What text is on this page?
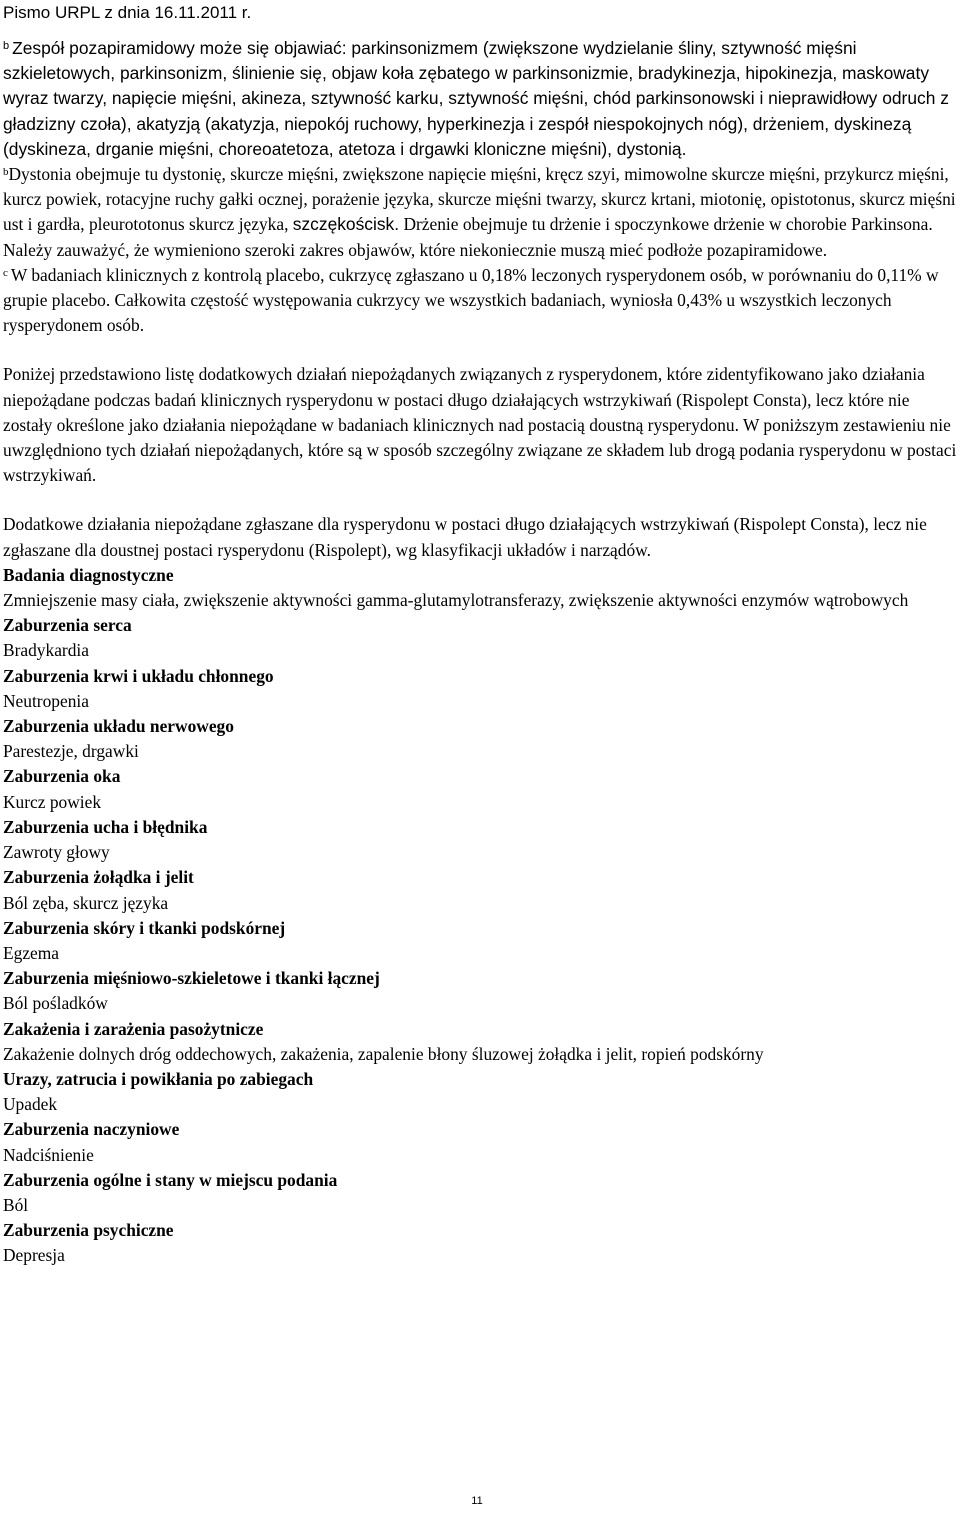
Pismo URPL z dnia 16.11.2011 r.

$^b$ Zespół pozapiramidowy może się objawiać: parkinsonizmem (zwiększone wydzielanie śliny, sztywność mięśni szkieletowych, parkinsonizm, ślinienie się, objaw koła zębatego w parkinsonizmie, bradykinezja, hipokinezja, maskowaty wyraz twarzy, napięcie mięśni, akineza, sztywność karku, sztywność mięśni, chód parkinsonowski i nieprawidłowy odruch z gładzizny czoła), akatyzją (akatyzja, niepokój ruchowy, hyperkinezja i zespół niespokojnych nóg), drżeniem, dyskinezą (dyskineza, drganie mięśni, choreoatetoza, atetoza i drgawki kloniczne mięśni), dystonią.

$^b$Dystonia obejmuje tu dystonię, skurcze mięśni, zwiększone napięcie mięśni, kręcz szyi, mimowolne skurcze mięśni, przykurcz mięśni, kurcz powiek, rotacyjne ruchy gałki ocznej, porażenie języka, skurcze mięśni twarzy, skurcz krtani, miotonię, opistotonus, skurcz mięśni ust i gardła, pleurototonus skurcz języka, szczękościsk. Drżenie obejmuje tu drżenie i spoczynkowe drżenie w chorobie Parkinsona. Należy zauważyć, że wymieniono szeroki zakres objawów, które niekoniecznie muszą mieć podłoże pozapiramidowe.

$^c$ W badaniach klinicznych z kontrolą placebo, cukrzycę zgłaszano u 0,18% leczonych rysperydonem osób, w porównaniu do 0,11% w grupie placebo. Całkowita częstość występowania cukrzycy we wszystkich badaniach, wyniosła 0,43% u wszystkich leczonych rysperydonem osób.

Poniżej przedstawiono listę dodatkowych działań niepożądanych związanych z rysperydonem, które zidentyfikowano jako działania niepożądane podczas badań klinicznych rysperydonu w postaci długo działających wstrzykiwań (Rispolept Consta), lecz które nie zostały określone jako działania niepożądane w badaniach klinicznych nad postacią doustną rysperydonu. W poniższym zestawieniu nie uwzględniono tych działań niepożądanych, które są w sposób szczególny związane ze składem lub drogą podania rysperydonu w postaci wstrzykiwań.

Dodatkowe działania niepożądane zgłaszane dla rysperydonu w postaci długo działających wstrzykiwań (Rispolept Consta), lecz nie zgłaszane dla doustnej postaci rysperydonu (Rispolept), wg klasyfikacji układów i narządów.

Badania diagnostyczne
Zmniejszenie masy ciała, zwiększenie aktywności gamma-glutamylotransferazy, zwiększenie aktywności enzymów wątrobowych
Zaburzenia serca
Bradykardia
Zaburzenia krwi i układu chłonnego
Neutropenia
Zaburzenia układu nerwowego
Parestezje, drgawki
Zaburzenia oka
Kurcz powiek
Zaburzenia ucha i błędnika
Zawroty głowy
Zaburzenia żołądka i jelit
Ból zęba, skurcz języka
Zaburzenia skóry i tkanki podskórnej
Egzema
Zaburzenia mięśniowo-szkieletowe i tkanki łącznej
Ból pośladków
Zakażenia i zarażenia pasożytnicze
Zakażenie dolnych dróg oddechowych, zakażenia, zapalenie błony śluzowej żołądka i jelit, ropień podskórny
Urazy, zatrucia i powikłania po zabiegach
Upadek
Zaburzenia naczyniowe
Nadciśnienie
Zaburzenia ogólne i stany w miejscu podania
Ból
Zaburzenia psychiczne
Depresja
11
